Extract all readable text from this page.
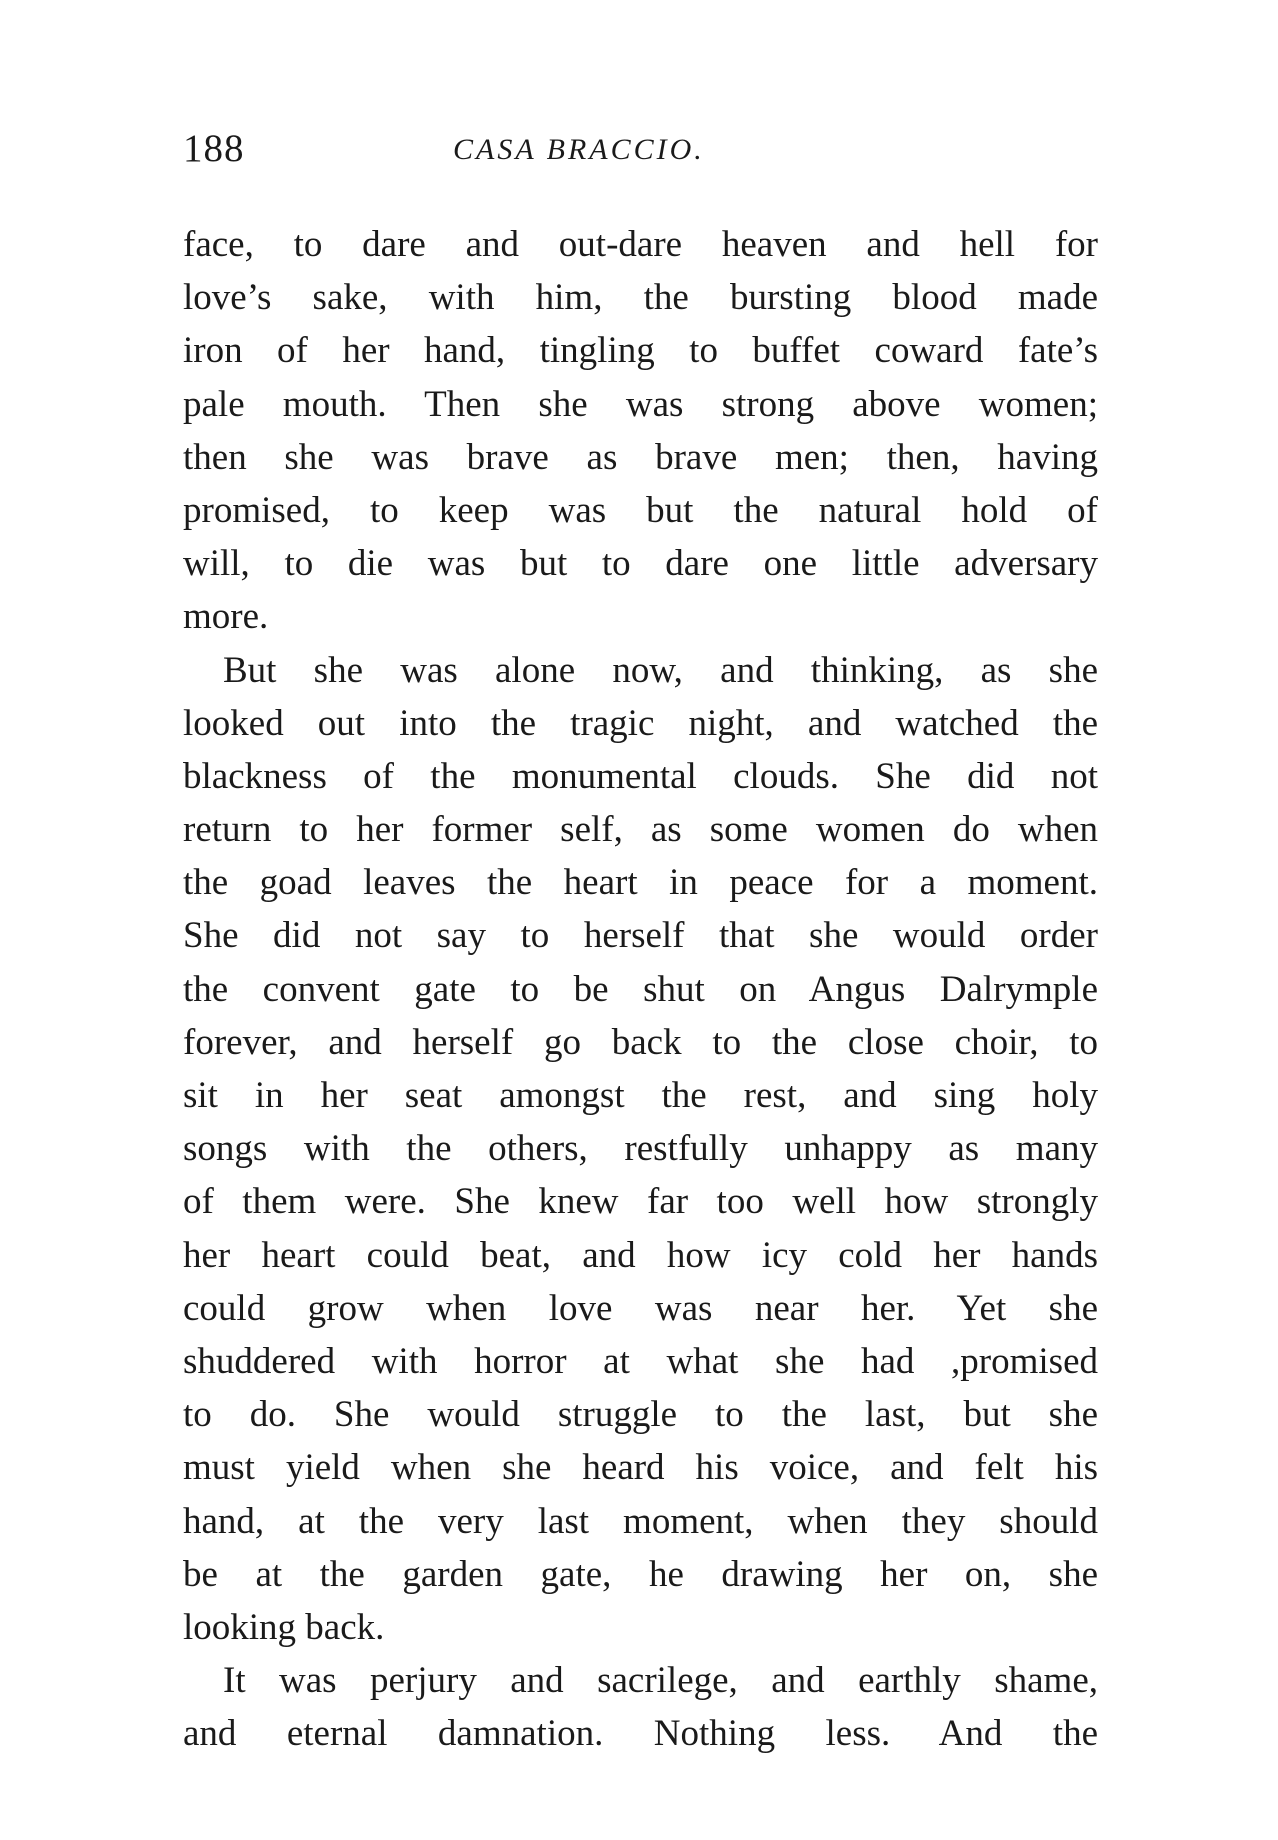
188	CASA BRACCIO.
face, to dare and out-dare heaven and hell for
love’s sake, with him, the bursting blood made
iron of her hand, tingling to buffet coward fate’s
pale mouth. Then she was strong above women;
then she was brave as brave men; then, having
promised, to keep was but the natural hold of
will, to die was but to dare one little adversary
more.
But she was alone now, and thinking, as she
looked out into the tragic night, and watched the
blackness of the monumental clouds. She did not
return to her former self, as some women do when
the goad leaves the heart in peace for a moment.
She did not say to herself that she would order
the convent gate to be shut on Angus Dalrymple
forever, and herself go back to the close choir, to
sit in her seat amongst the rest, and sing holy
songs with the others, restfully unhappy as many
of them were. She knew far too well how strongly
her heart could beat, and how icy cold her hands
could grow when love was near her. Yet she
shuddered with horror at what she had ,promised
to do. She would struggle to the last, but she
must yield when she heard his voice, and felt his
hand, at the very last moment, when they should
be at the garden gate, he drawing her on, she
looking back.
It was perjury and sacrilege, and earthly shame,
and eternal damnation. Nothing less. And the
